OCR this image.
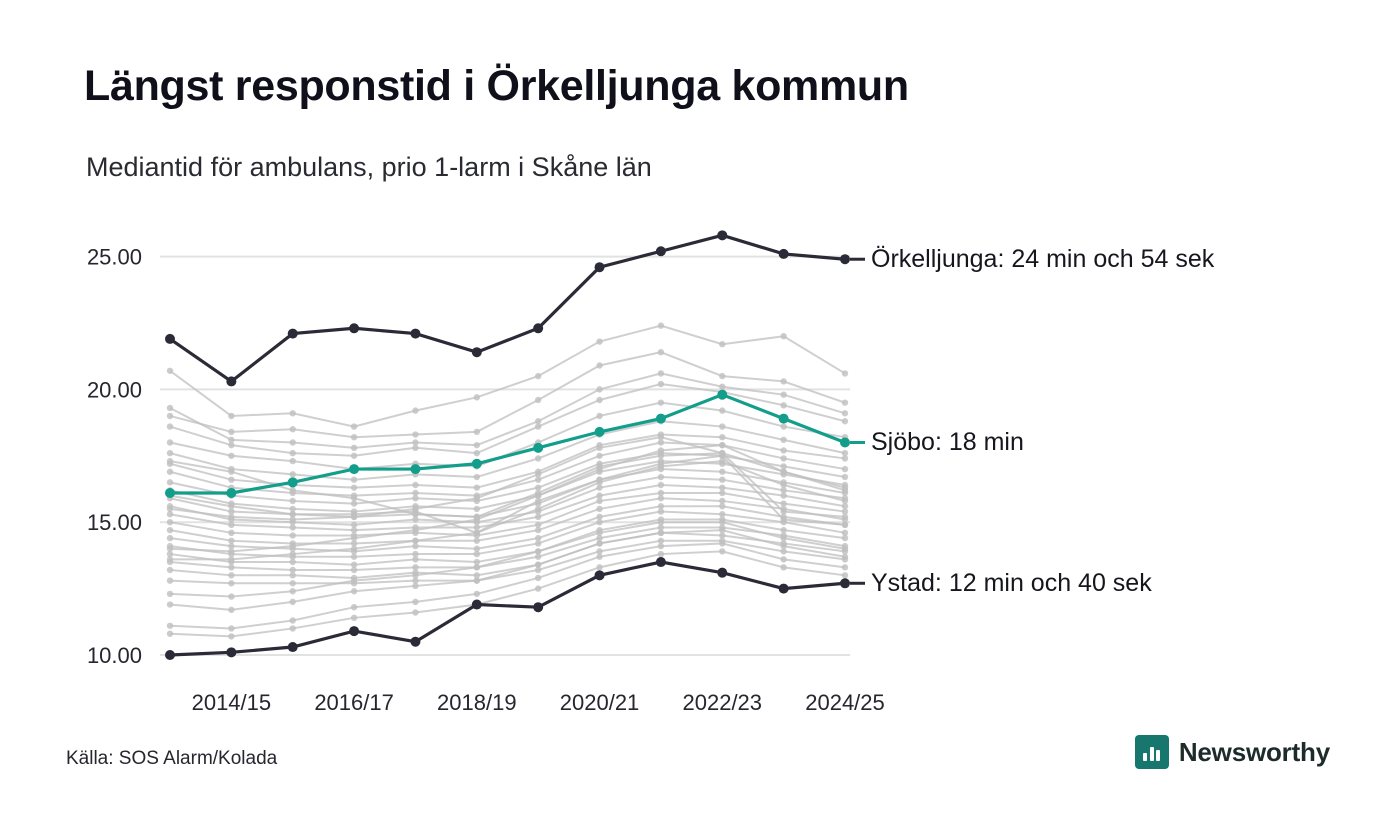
Längst responstid i Örkelljunga kommun
Mediantid för ambulans, prio 1-larm i Skåne län
10.00
15.00
20.00
25.00
2014/15 2016/17 2018/19 2020/21 2022/23 2024/25
Örkelljunga: 24 min och 54 sek
Sjöbo: 18 min
Ystad: 12 min och 40 sek
Källa: SOS Alarm/Kolada	Newsworthy
